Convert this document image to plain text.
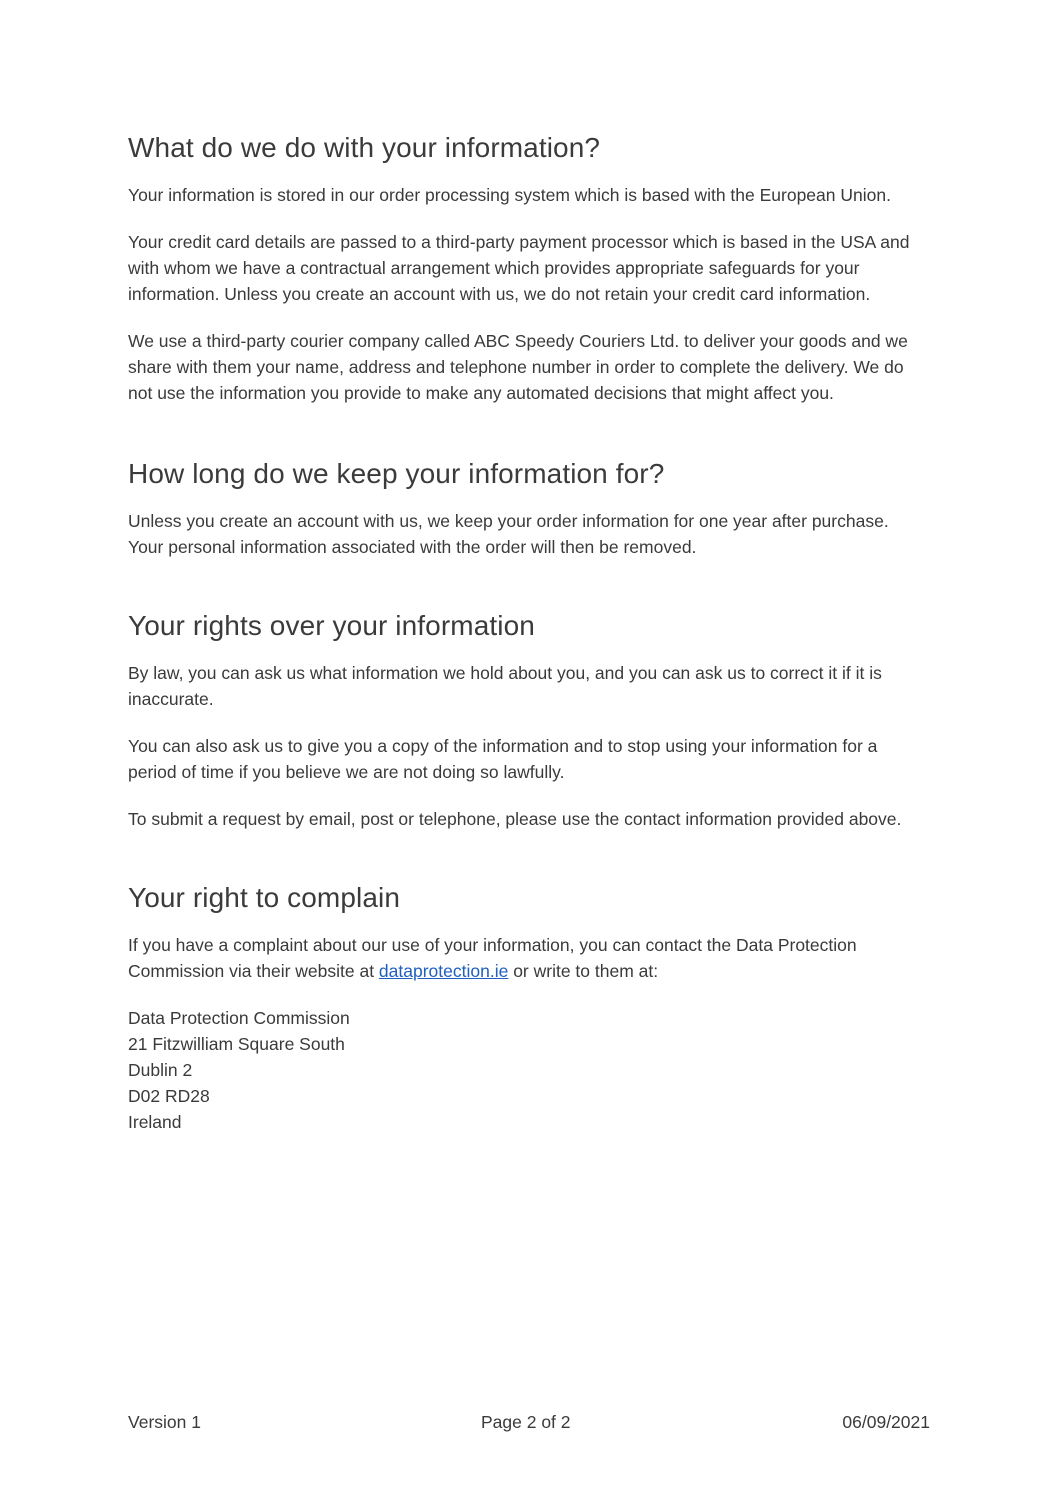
What do we do with your information?

Your information is stored in our order processing system which is based with the European Union.

Your credit card details are passed to a third-party payment processor which is based in the USA and with whom we have a contractual arrangement which provides appropriate safeguards for your information. Unless you create an account with us, we do not retain your credit card information.

We use a third-party courier company called ABC Speedy Couriers Ltd. to deliver your goods and we share with them your name, address and telephone number in order to complete the delivery. We do not use the information you provide to make any automated decisions that might affect you.

How long do we keep your information for?

Unless you create an account with us, we keep your order information for one year after purchase. Your personal information associated with the order will then be removed.

Your rights over your information

By law, you can ask us what information we hold about you, and you can ask us to correct it if it is inaccurate.

You can also ask us to give you a copy of the information and to stop using your information for a period of time if you believe we are not doing so lawfully.

To submit a request by email, post or telephone, please use the contact information provided above.

Your right to complain

If you have a complaint about our use of your information, you can contact the Data Protection Commission via their website at dataprotection.ie or write to them at:

Data Protection Commission
21 Fitzwilliam Square South
Dublin 2
D02 RD28
Ireland
Version 1	Page 2 of 2	06/09/2021
